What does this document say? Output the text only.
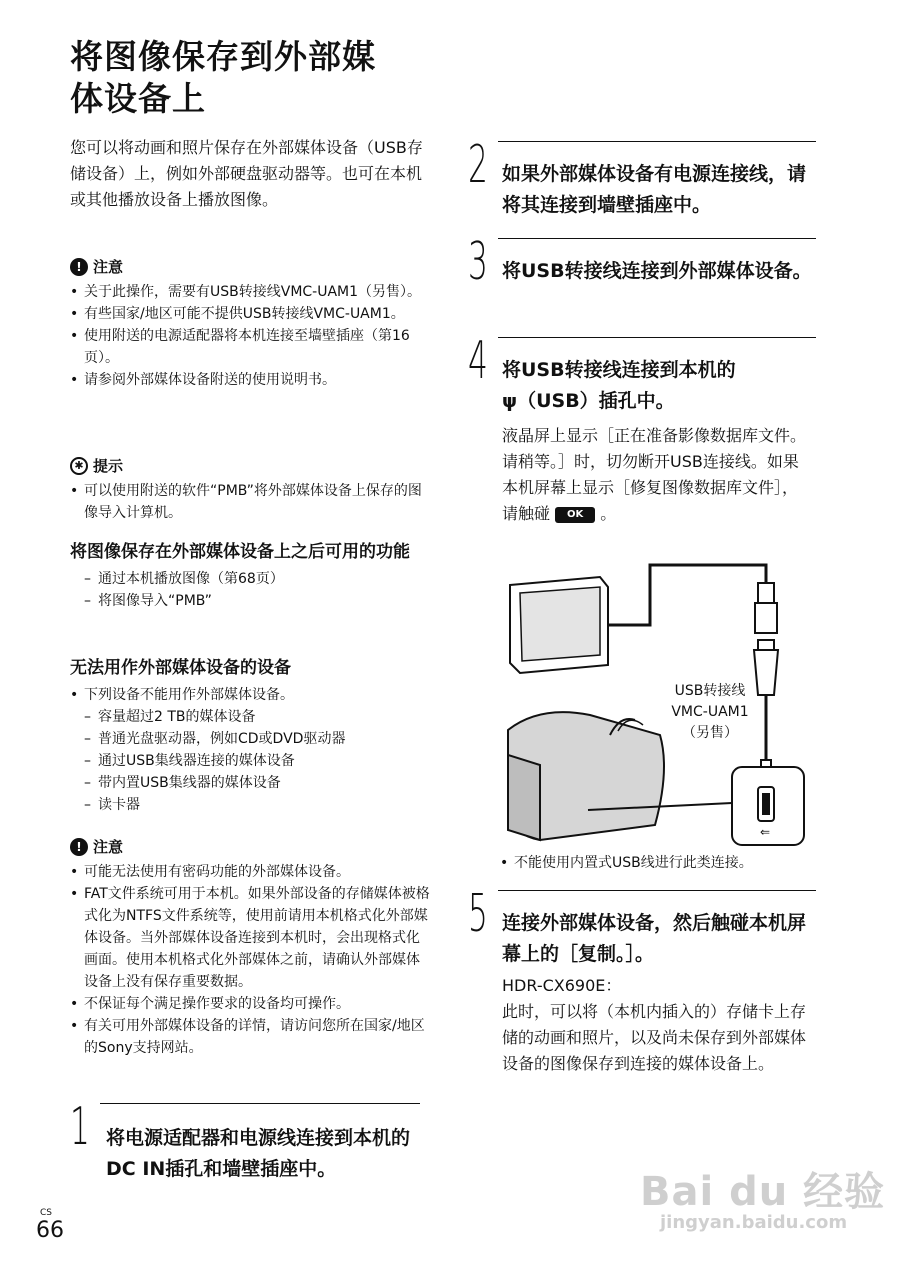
将图像保存到外部媒
体设备上
您可以将动画和照片保存在外部媒体设备（USB存储设备）上，例如外部硬盘驱动器等。也可在本机或其他播放设备上播放图像。
! 注意
• 关于此操作，需要有USB转接线VMC-UAM1（另售）。
• 有些国家/地区可能不提供USB转接线VMC-UAM1。
• 使用附送的电源适配器将本机连接至墙壁插座（第16页）。
• 请参阅外部媒体设备附送的使用说明书。
✱ 提示
• 可以使用附送的软件“PMB”将外部媒体设备上保存的图像导入计算机。
将图像保存在外部媒体设备上之后可用的功能
– 通过本机播放图像（第68页）
– 将图像导入“PMB”
无法用作外部媒体设备的设备
• 下列设备不能用作外部媒体设备。
– 容量超过2 TB的媒体设备
– 普通光盘驱动器，例如CD或DVD驱动器
– 通过USB集线器连接的媒体设备
– 带内置USB集线器的媒体设备
– 读卡器
! 注意
• 可能无法使用有密码功能的外部媒体设备。
• FAT文件系统可用于本机。如果外部设备的存储媒体被格式化为NTFS文件系统等，使用前请用本机格式化外部媒体设备。当外部媒体设备连接到本机时，会出现格式化画面。使用本机格式化外部媒体之前，请确认外部媒体设备上没有保存重要数据。
• 不保证每个满足操作要求的设备均可操作。
• 有关可用外部媒体设备的详情，请访问您所在国家/地区的Sony支持网站。
1 将电源适配器和电源线连接到本机的DC IN插孔和墙壁插座中。
2 如果外部媒体设备有电源连接线，请将其连接到墙壁插座中。
3 将USB转接线连接到外部媒体设备。
4 将USB转接线连接到本机的
ψ（USB）插孔中。
液晶屏上显示［正在准备影像数据库文件。请稍等。］时，切勿断开USB连接线。如果本机屏幕上显示［修复图像数据库文件］，请触碰 OK 。
USB转接线
VMC-UAM1
（另售）
⇐
• 不能使用内置式USB线进行此类连接。
5 连接外部媒体设备，然后触碰本机屏幕上的［复制。］。
HDR-CX690E：
此时，可以将（本机内插入的）存储卡上存储的动画和照片，以及尚未保存到外部媒体设备的图像保存到连接的媒体设备上。
CS
66
Bai du 经验
jingyan.baidu.com
